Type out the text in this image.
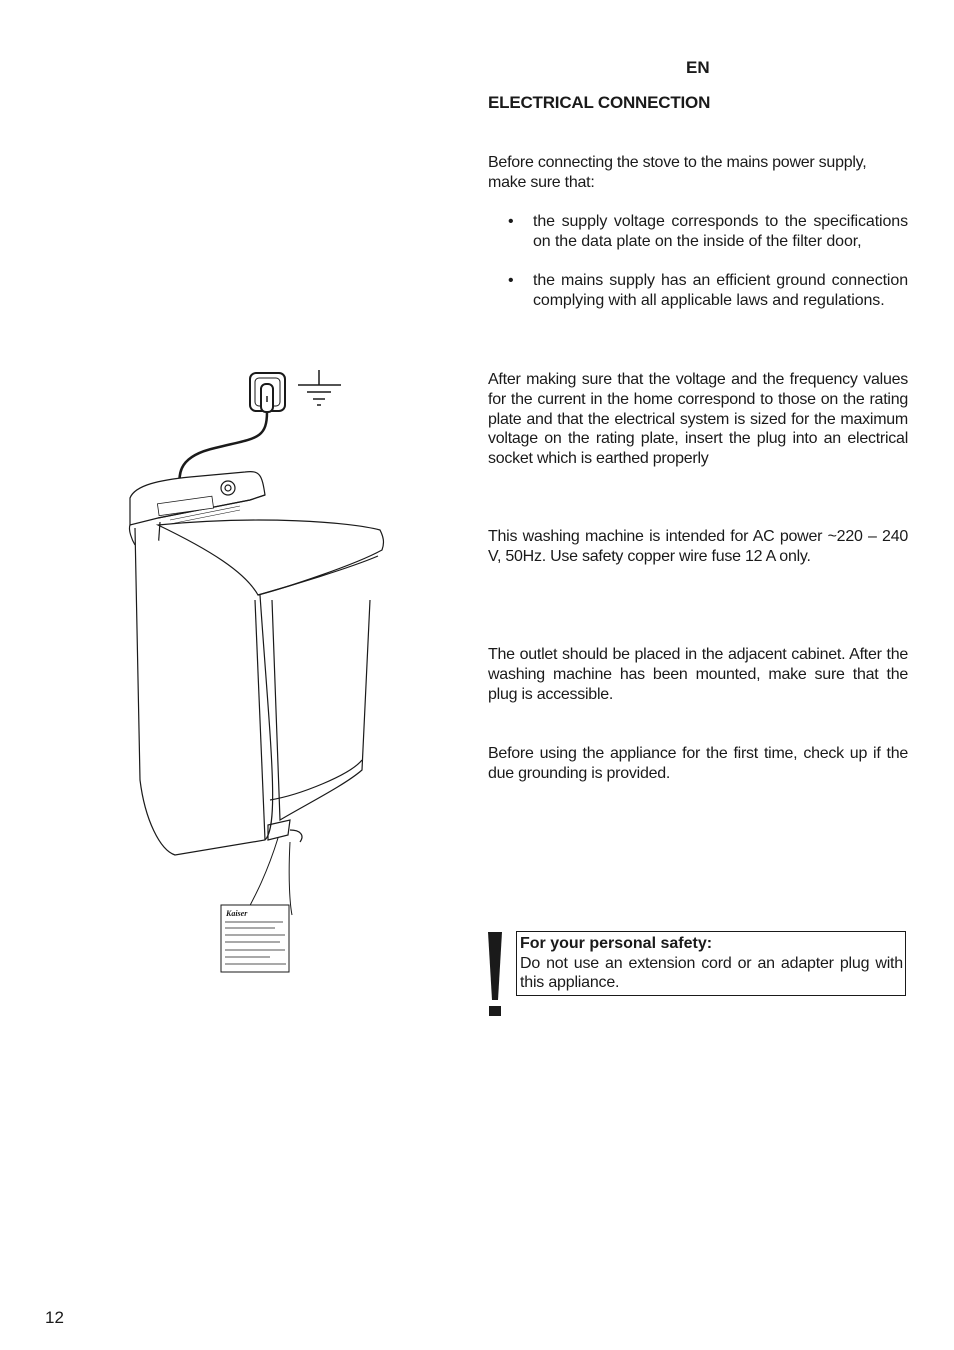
EN
ELECTRICAL CONNECTION
Before connecting the stove to the mains power supply, make sure that:
• the supply voltage corresponds to the specifications on the data plate on the inside of the filter door,
• the mains supply has an efficient ground connection complying with all applicable laws and regulations.
After making sure that the voltage and the frequency values for the current in the home correspond to those on the rating plate and that the electrical system is sized for the maximum voltage on the rating plate, insert the plug into an electrical socket which is earthed properly
This washing machine is intended for AC power ~220 – 240 V, 50Hz. Use safety copper wire fuse 12 A only.
The outlet should be placed in the adjacent cabinet. After the washing machine has been mounted, make sure that the plug is accessible.
Before using the appliance for the first time, check up if the due grounding is provided.
For your personal safety:
Do not use an extension cord or an adapter plug with this appliance.
Kaiser
12
